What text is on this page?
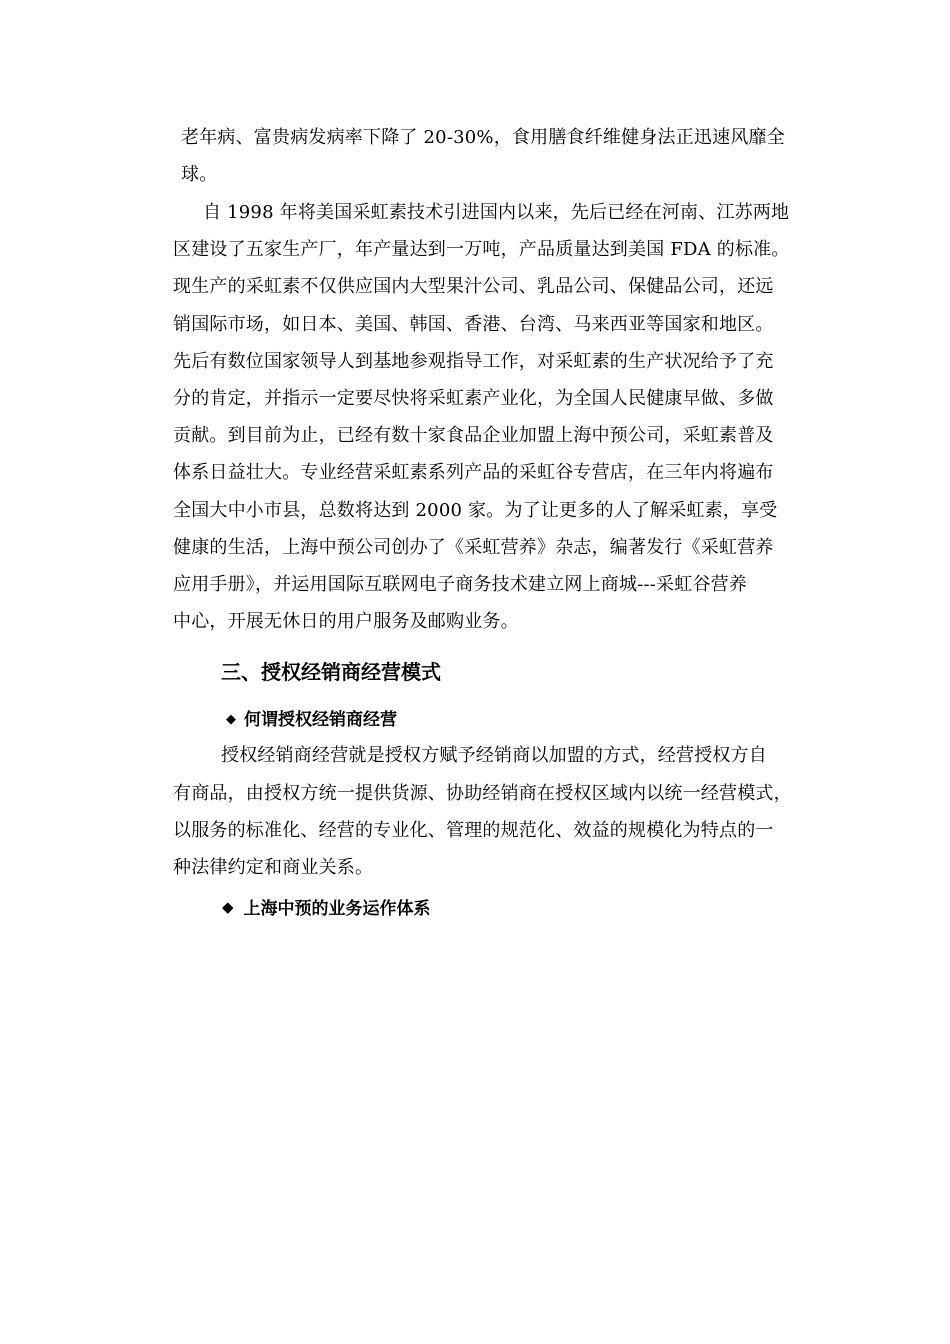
老年病、富贵病发病率下降了 20-30%，食用膳食纤维健身法正迅速风靡全
球。
自 1998 年将美国采虹素技术引进国内以来，先后已经在河南、江苏两地
区建设了五家生产厂，年产量达到一万吨，产品质量达到美国 FDA 的标准。
现生产的采虹素不仅供应国内大型果汁公司、乳品公司、保健品公司，还远
销国际市场，如日本、美国、韩国、香港、台湾、马来西亚等国家和地区。
先后有数位国家领导人到基地参观指导工作，对采虹素的生产状况给予了充
分的肯定，并指示一定要尽快将采虹素产业化，为全国人民健康早做、多做
贡献。到目前为止，已经有数十家食品企业加盟上海中预公司，采虹素普及
体系日益壮大。专业经营采虹素系列产品的采虹谷专营店，在三年内将遍布
全国大中小市县，总数将达到 2000 家。为了让更多的人了解采虹素，享受
健康的生活，上海中预公司创办了《采虹营养》杂志，编著发行《采虹营养
应用手册》，并运用国际互联网电子商务技术建立网上商城---采虹谷营养
中心，开展无休日的用户服务及邮购业务。
三、授权经销商经营模式
◆ 何谓授权经销商经营
授权经销商经营就是授权方赋予经销商以加盟的方式，经营授权方自
有商品，由授权方统一提供货源、协助经销商在授权区域内以统一经营模式，
以服务的标准化、经营的专业化、管理的规范化、效益的规模化为特点的一
种法律约定和商业关系。
◆ 上海中预的业务运作体系
